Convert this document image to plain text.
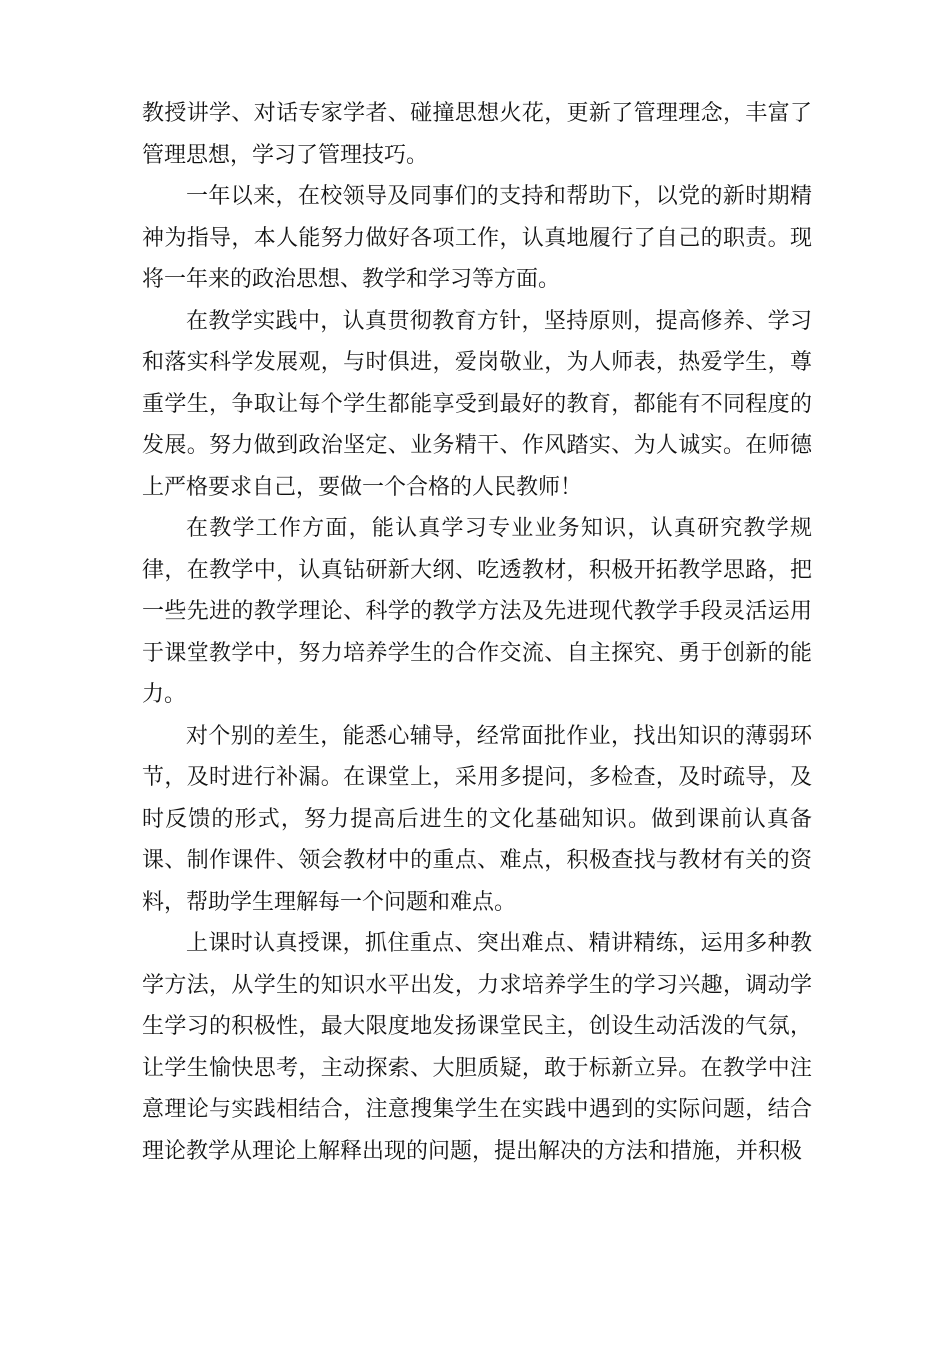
教授讲学、对话专家学者、碰撞思想火花，更新了管理理念，丰富了管理思想，学习了管理技巧。

一年以来，在校领导及同事们的支持和帮助下，以党的新时期精神为指导，本人能努力做好各项工作，认真地履行了自己的职责。现将一年来的政治思想、教学和学习等方面。

在教学实践中，认真贯彻教育方针，坚持原则，提高修养、学习和落实科学发展观，与时俱进，爱岗敬业，为人师表，热爱学生，尊重学生，争取让每个学生都能享受到最好的教育，都能有不同程度的发展。努力做到政治坚定、业务精干、作风踏实、为人诚实。在师德上严格要求自己，要做一个合格的人民教师！

在教学工作方面，能认真学习专业业务知识，认真研究教学规律，在教学中，认真钻研新大纲、吃透教材，积极开拓教学思路，把一些先进的教学理论、科学的教学方法及先进现代教学手段灵活运用于课堂教学中，努力培养学生的合作交流、自主探究、勇于创新的能力。

对个别的差生，能悉心辅导，经常面批作业，找出知识的薄弱环节，及时进行补漏。在课堂上，采用多提问，多检查，及时疏导，及时反馈的形式，努力提高后进生的文化基础知识。做到课前认真备课、制作课件、领会教材中的重点、难点，积极查找与教材有关的资料，帮助学生理解每一个问题和难点。

上课时认真授课，抓住重点、突出难点、精讲精练，运用多种教学方法，从学生的知识水平出发，力求培养学生的学习兴趣，调动学生学习的积极性，最大限度地发扬课堂民主，创设生动活泼的气氛，让学生愉快思考，主动探索、大胆质疑，敢于标新立异。在教学中注意理论与实践相结合，注意搜集学生在实践中遇到的实际问题，结合理论教学从理论上解释出现的问题，提出解决的方法和措施，并积极
